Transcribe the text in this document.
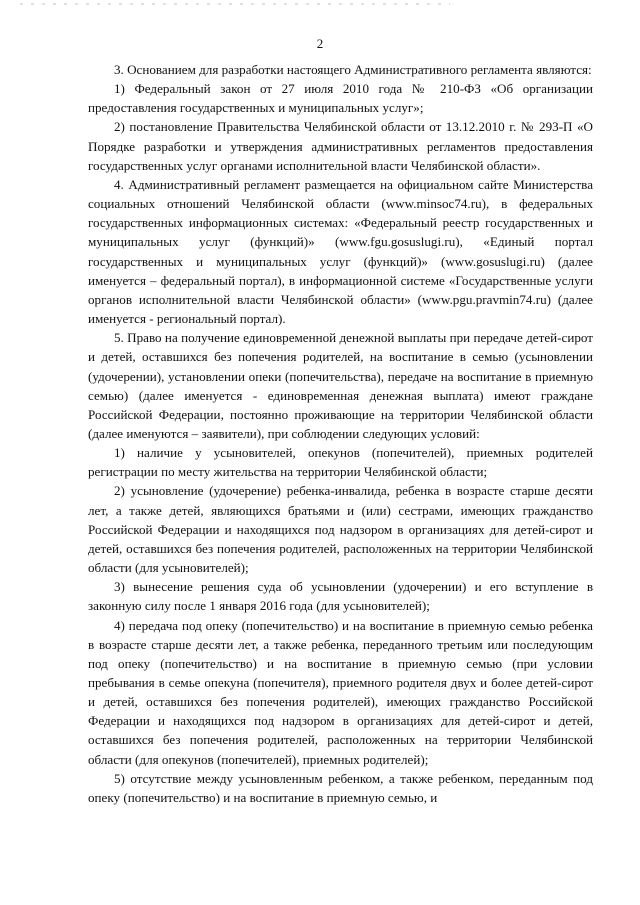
2

3. Основанием для разработки настоящего Административного регламента являются:

1) Федеральный закон от 27 июля 2010 года № 210-ФЗ «Об организации предоставления государственных и муниципальных услуг»;

2) постановление Правительства Челябинской области от 13.12.2010 г. № 293-П «О Порядке разработки и утверждения административных регламентов предоставления государственных услуг органами исполнительной власти Челябинской области».

4. Административный регламент размещается на официальном сайте Министерства социальных отношений Челябинской области (www.minsoc74.ru), в федеральных государственных информационных системах: «Федеральный реестр государственных и муниципальных услуг (функций)» (www.fgu.gosuslugi.ru), «Единый портал государственных и муниципальных услуг (функций)» (www.gosuslugi.ru) (далее именуется – федеральный портал), в информационной системе «Государственные услуги органов исполнительной власти Челябинской области» (www.pgu.pravmin74.ru) (далее именуется - региональный портал).

5. Право на получение единовременной денежной выплаты при передаче детей-сирот и детей, оставшихся без попечения родителей, на воспитание в семью (усыновлении (удочерении), установлении опеки (попечительства), передаче на воспитание в приемную семью) (далее именуется - единовременная денежная выплата) имеют граждане Российской Федерации, постоянно проживающие на территории Челябинской области (далее именуются – заявители), при соблюдении следующих условий:

1) наличие у усыновителей, опекунов (попечителей), приемных родителей регистрации по месту жительства на территории Челябинской области;

2) усыновление (удочерение) ребенка-инвалида, ребенка в возрасте старше десяти лет, а также детей, являющихся братьями и (или) сестрами, имеющих гражданство Российской Федерации и находящихся под надзором в организациях для детей-сирот и детей, оставшихся без попечения родителей, расположенных на территории Челябинской области (для усыновителей);

3) вынесение решения суда об усыновлении (удочерении) и его вступление в законную силу после 1 января 2016 года (для усыновителей);

4) передача под опеку (попечительство) и на воспитание в приемную семью ребенка в возрасте старше десяти лет, а также ребенка, переданного третьим или последующим под опеку (попечительство) и на воспитание в приемную семью (при условии пребывания в семье опекуна (попечителя), приемного родителя двух и более детей-сирот и детей, оставшихся без попечения родителей), имеющих гражданство Российской Федерации и находящихся под надзором в организациях для детей-сирот и детей, оставшихся без попечения родителей, расположенных на территории Челябинской области (для опекунов (попечителей), приемных родителей);

5) отсутствие между усыновленным ребенком, а также ребенком, переданным под опеку (попечительство) и на воспитание в приемную семью, и
